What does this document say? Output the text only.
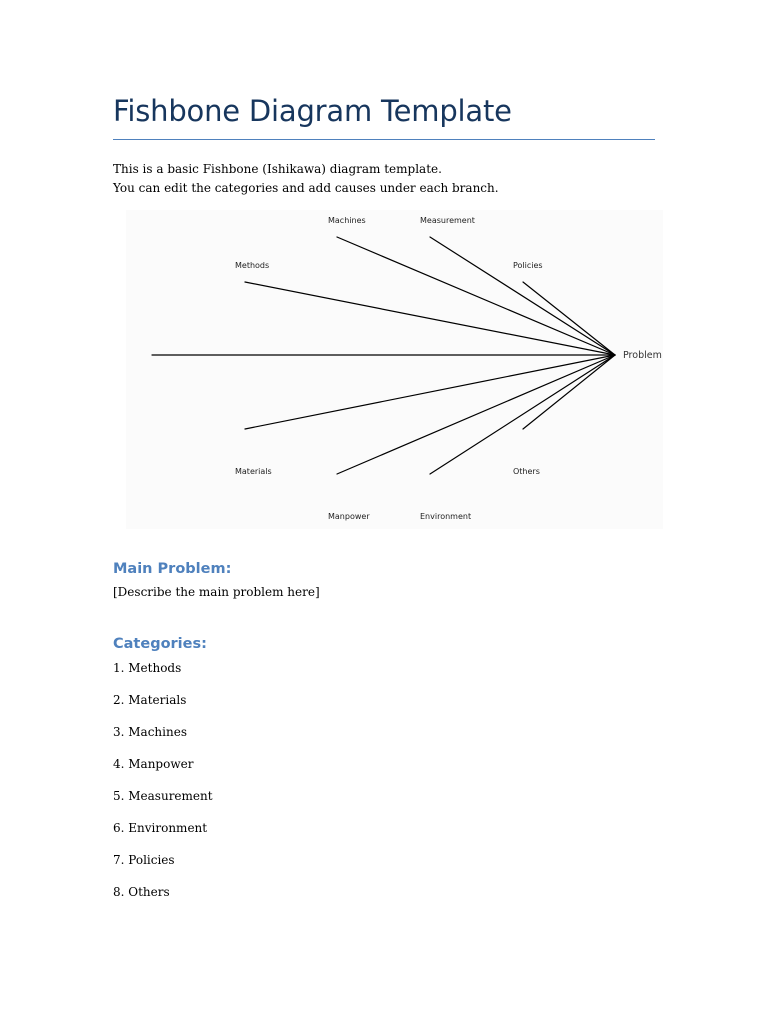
Fishbone Diagram Template

This is a basic Fishbone (Ishikawa) diagram template.

You can edit the categories and add causes under each branch.

Methods
Machines	Measurement
Policies
Materials
Manpower	Environment
Others
Problem
Main Problem:

[Describe the main problem here]

Categories:
1. Methods
2. Materials
3. Machines
4. Manpower
5. Measurement
6. Environment
7. Policies
8. Others
